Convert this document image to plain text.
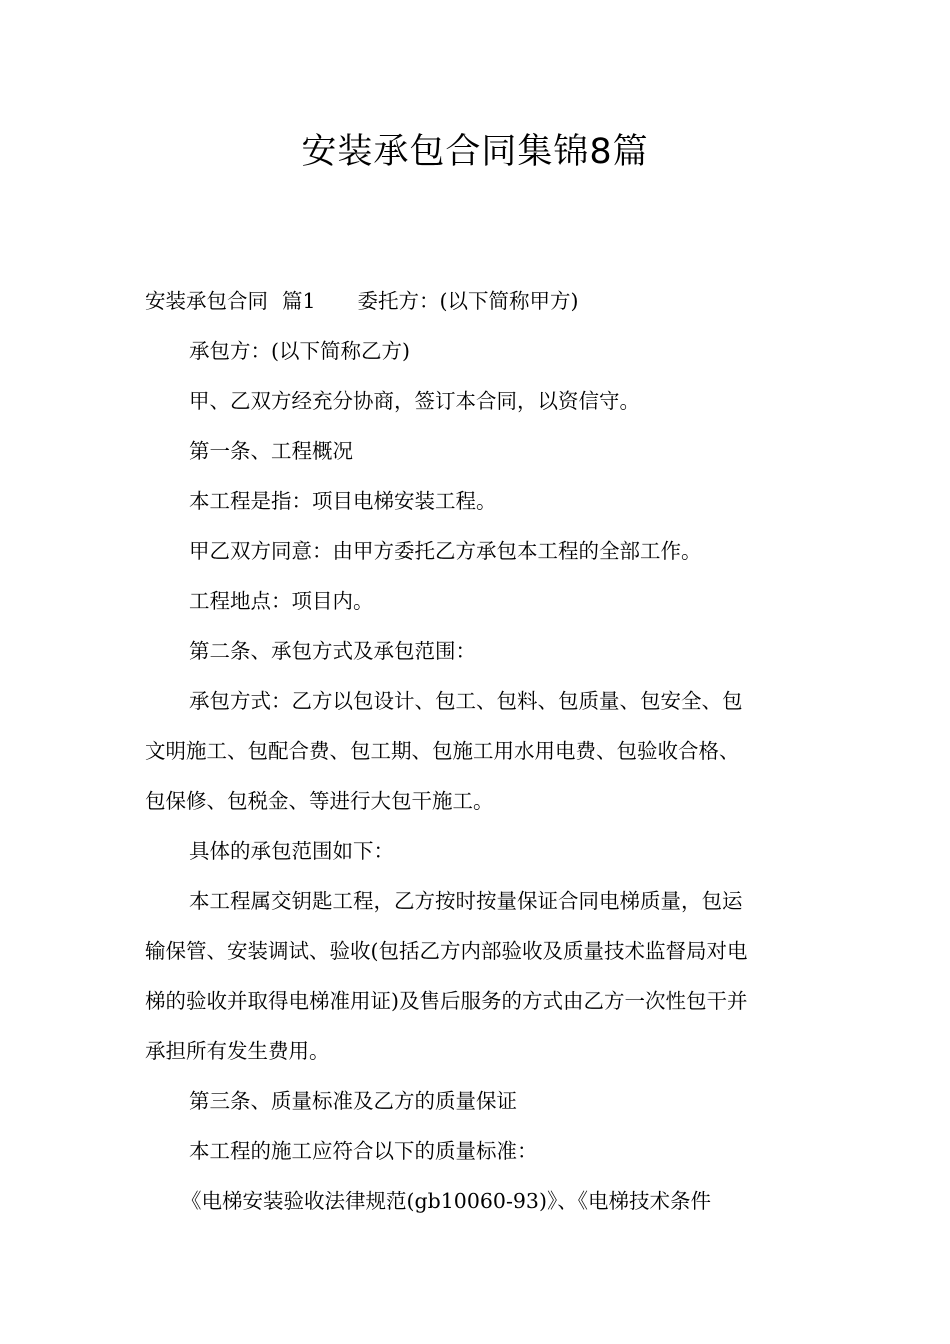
安装承包合同集锦8篇
安装承包合同 篇1 委托方：(以下简称甲方)
承包方：(以下简称乙方)
甲、乙双方经充分协商，签订本合同，以资信守。
第一条、工程概况
本工程是指：项目电梯安装工程。
甲乙双方同意：由甲方委托乙方承包本工程的全部工作。
工程地点：项目内。
第二条、承包方式及承包范围：
承包方式：乙方以包设计、包工、包料、包质量、包安全、包
文明施工、包配合费、包工期、包施工用水用电费、包验收合格、
包保修、包税金、等进行大包干施工。
具体的承包范围如下：
本工程属交钥匙工程，乙方按时按量保证合同电梯质量，包运
输保管、安装调试、验收(包括乙方内部验收及质量技术监督局对电
梯的验收并取得电梯准用证)及售后服务的方式由乙方一次性包干并
承担所有发生费用。
第三条、质量标准及乙方的质量保证
本工程的施工应符合以下的质量标准：
《电梯安装验收法律规范(gb10060-93)》、《电梯技术条件
